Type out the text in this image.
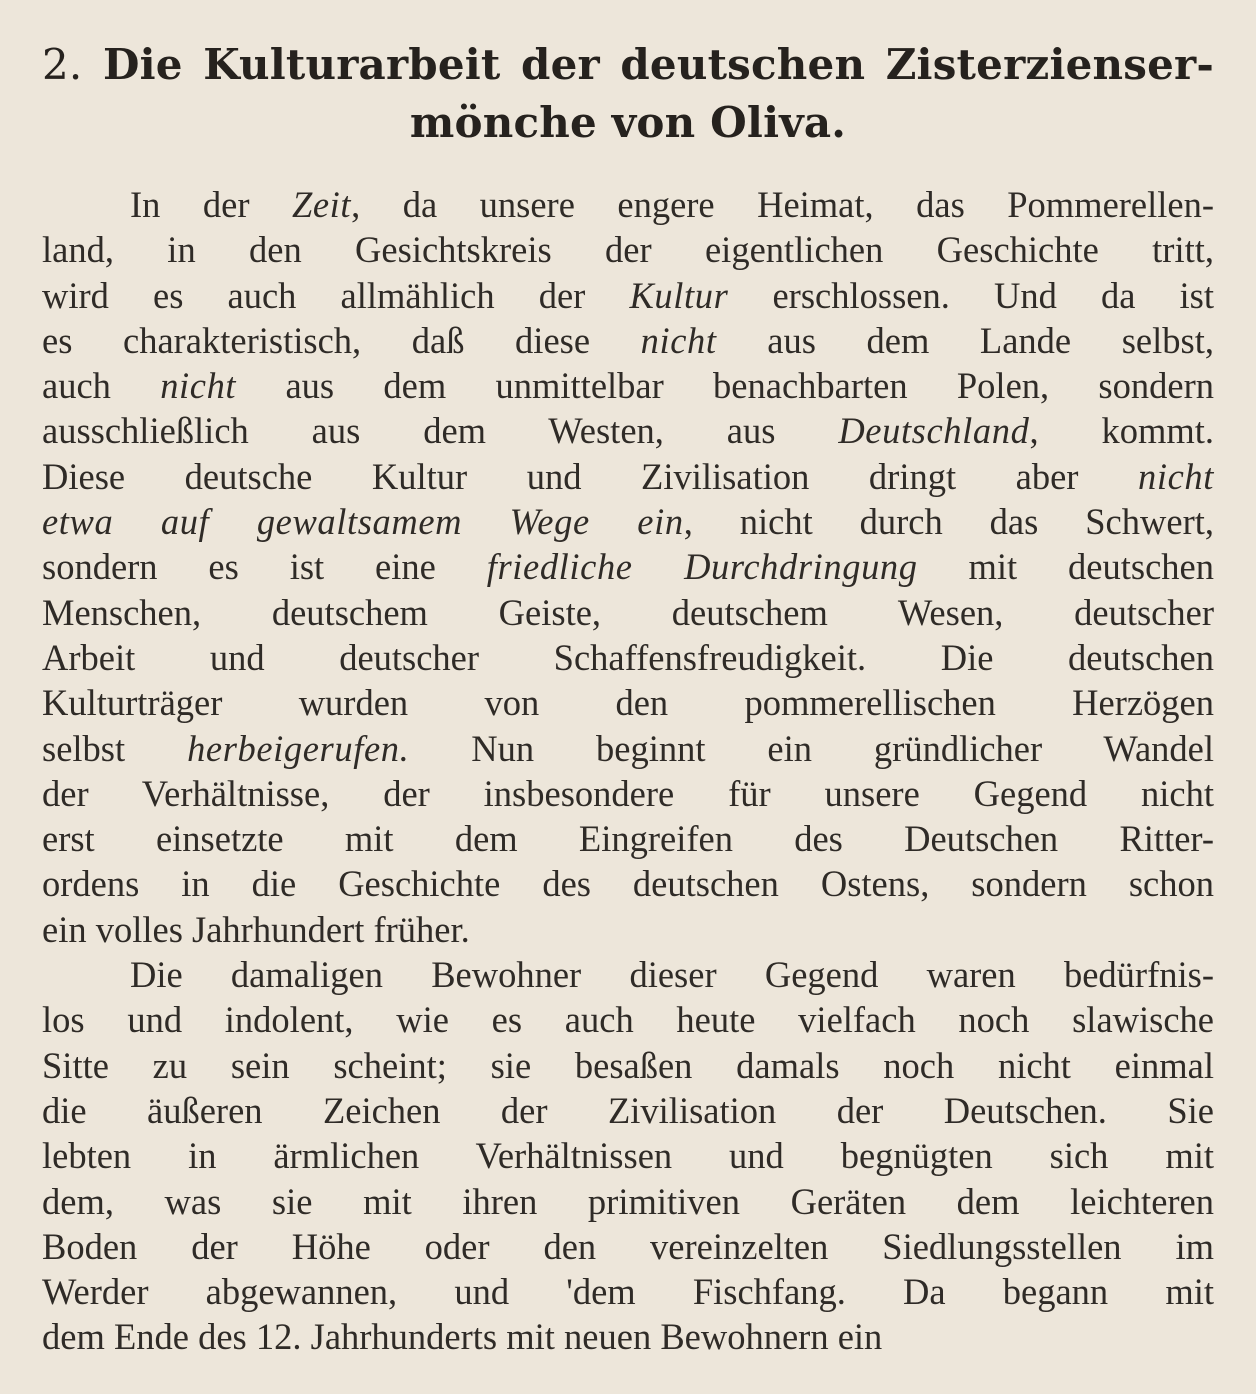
2. Die Kulturarbeit der deutschen Zisterzienser-
mönche von Oliva.

In der Zeit, da unsere engere Heimat, das Pommerellen-
land, in den Gesichtskreis der eigentlichen Geschichte tritt,
wird es auch allmählich der Kultur erschlossen. Und da ist
es charakteristisch, daß diese nicht aus dem Lande selbst,
auch nicht aus dem unmittelbar benachbarten Polen, sondern
ausschließlich aus dem Westen, aus Deutschland, kommt.
Diese deutsche Kultur und Zivilisation dringt aber nicht
etwa auf gewaltsamem Wege ein, nicht durch das Schwert,
sondern es ist eine friedliche Durchdringung mit deutschen
Menschen, deutschem Geiste, deutschem Wesen, deutscher
Arbeit und deutscher Schaffensfreudigkeit. Die deutschen
Kulturträger wurden von den pommerellischen Herzögen
selbst herbeigerufen. Nun beginnt ein gründlicher Wandel
der Verhältnisse, der insbesondere für unsere Gegend nicht
erst einsetzte mit dem Eingreifen des Deutschen Ritter-
ordens in die Geschichte des deutschen Ostens, sondern schon
ein volles Jahrhundert früher.

Die damaligen Bewohner dieser Gegend waren bedürfnis-
los und indolent, wie es auch heute vielfach noch slawische
Sitte zu sein scheint; sie besaßen damals noch nicht einmal
die äußeren Zeichen der Zivilisation der Deutschen. Sie
lebten in ärmlichen Verhältnissen und begnügten sich mit
dem, was sie mit ihren primitiven Geräten dem leichteren
Boden der Höhe oder den vereinzelten Siedlungsstellen im
Werder abgewannen, und 'dem Fischfang. Da begann mit
dem Ende des 12. Jahrhunderts mit neuen Bewohnern ein
